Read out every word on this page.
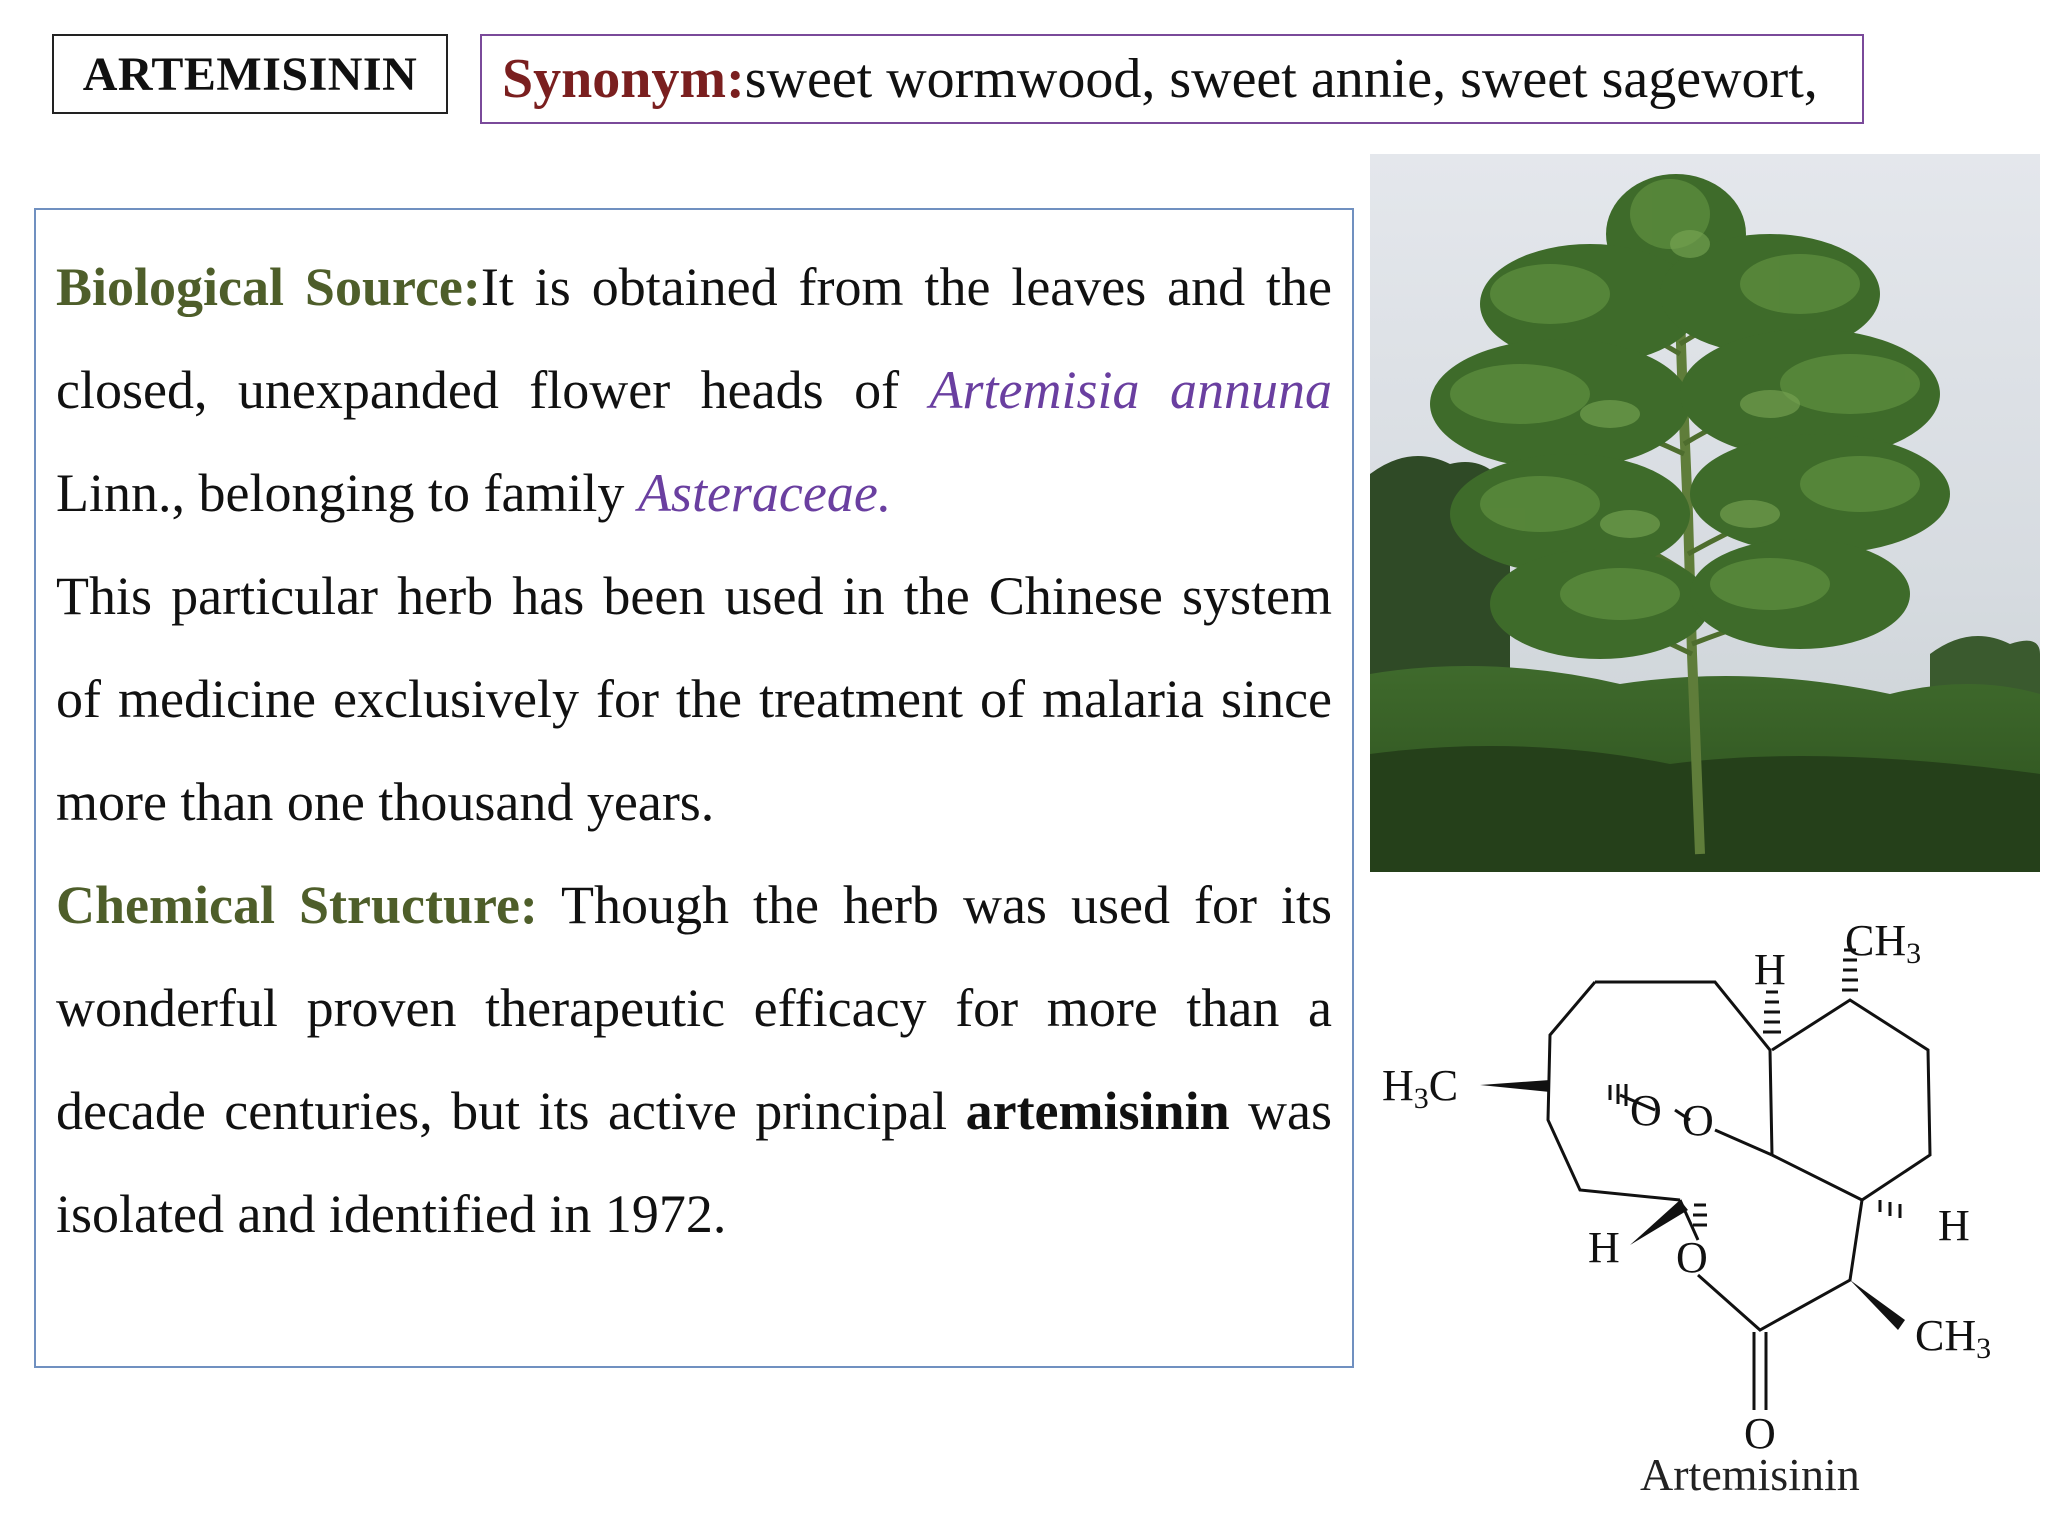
ARTEMISININ	Synonym: sweet wormwood, sweet annie, sweet sagewort,

Biological Source:It is obtained from the leaves and the closed, unexpanded flower heads of Artemisia annuna Linn., belonging to family Asteraceae.

This particular herb has been used in the Chinese system of medicine exclusively for the treatment of malaria since more than one thousand years.

Chemical Structure: Though the herb was used for its wonderful proven therapeutic efficacy for more than a decade centuries, but its active principal artemisinin was isolated and identified in 1972.

CH3
H
H3C
O O
H
H O
CH3
O
Artemisinin
